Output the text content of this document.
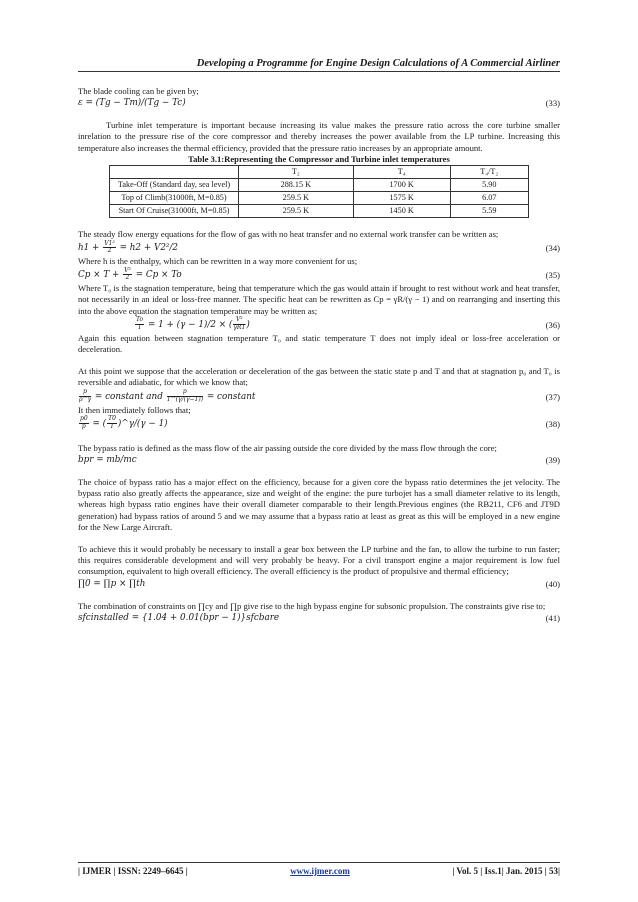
Developing a Programme for Engine Design Calculations of A Commercial Airliner

The blade cooling can be given by;

ε = (Tg − Tm)/(Tg − Tc)	(33)

Turbine inlet temperature is important because increasing its value makes the pressure ratio across the core turbine smaller inrelation to the pressure rise of the core compressor and thereby increases the power available from the LP turbine. Increasing this temperature also increases the thermal efficiency, provided that the pressure ratio increases by an appropriate amount.

Table 3.1:Representing the Compressor and Turbine inlet temperatures
	T₂	T₄	T₄/T₂
Take-Off (Standard day, sea level)	288.15 K	1700 K	5.90
Top of Climb(31000ft, M=0.85)	259.5 K	1575 K	6.07
Start Of Cruise(31000ft, M=0.85)	259.5 K	1450 K	5.59

The steady flow energy equations for the flow of gas with no heat transfer and no external work transfer can be written as;

$h1 + \frac{\text{V1²}}{2} = h2 + V2^2/2$	(34)

Where h is the enthalpy, which can be rewritten in a way more convenient for us;

$Cp \times T + \frac{\text{V²}}{2} = Cp \times To$	(35)

Where T₀ is the stagnation temperature, being that temperature which the gas would attain if brought to rest without work and heat transfer, not necessarily in an ideal or loss-free manner. The specific heat can be rewritten as Cp = γR/(γ − 1) and on rearranging and inserting this into the above equation the stagnation temperature may be written as;

$\frac{To}{T} = 1 + (\gamma - 1)/2$ × ( $\frac{\text{V²}}{\text{γRT}}$ )	(36)

Again this equation between stagnation temperature T₀ and static temperature T does not imply ideal or loss-free acceleration or deceleration.

At this point we suppose that the acceleration or deceleration of the gas between the static state p and T and that at stagnation p₀ and T₀ is reversible and adiabatic, for which we know that;

$\frac{p}{\rho\^{}\gamma}$ = constant and $\frac{p}{T\^{}(\gamma/(\gamma-1))}$ = constant	(37)

It then immediately follows that;

$\frac{p0}{p}$ = ( $\frac{T0}{T}$ )^γ/(γ − 1)	(38)

The bypass ratio is defined as the mass flow of the air passing outside the core divided by the mass flow through the core;

bpr = mb/mc	(39)

The choice of bypass ratio has a major effect on the efficiency, because for a given core the bypass ratio determines the jet velocity. The bypass ratio also greatly affects the appearance, size and weight of the engine: the pure turbojet has a small diameter relative to its length, whereas high bypass ratio engines have their overall diameter comparable to their length.Previous engines (the RB211, CF6 and JT9D generation) had bypass ratios of around 5 and we may assume that a bypass ratio at least as great as this will be employed in a new engine for the New Large Aircraft.

To achieve this it would probably be necessary to install a gear box between the LP turbine and the fan, to allow the turbine to run faster; this requires considerable development and will very probably be heavy. For a civil transport engine a major requirement is low fuel consumption, equivalent to high overall efficiency. The overall efficiency is the product of propulsive and thermal efficiency;

∏0 = ∏p × ∏th	(40)

The combination of constraints on ∏cy and ∏p give rise to the high bypass engine for subsonic propulsion. The constraints give rise to;

sfcinstalled = {1.04 + 0.01(bpr − 1)}sfcbare	(41)
| IJMER | ISSN: 2249–6645 |	www.ijmer.com	| Vol. 5 | Iss.1| Jan. 2015 | 53|
